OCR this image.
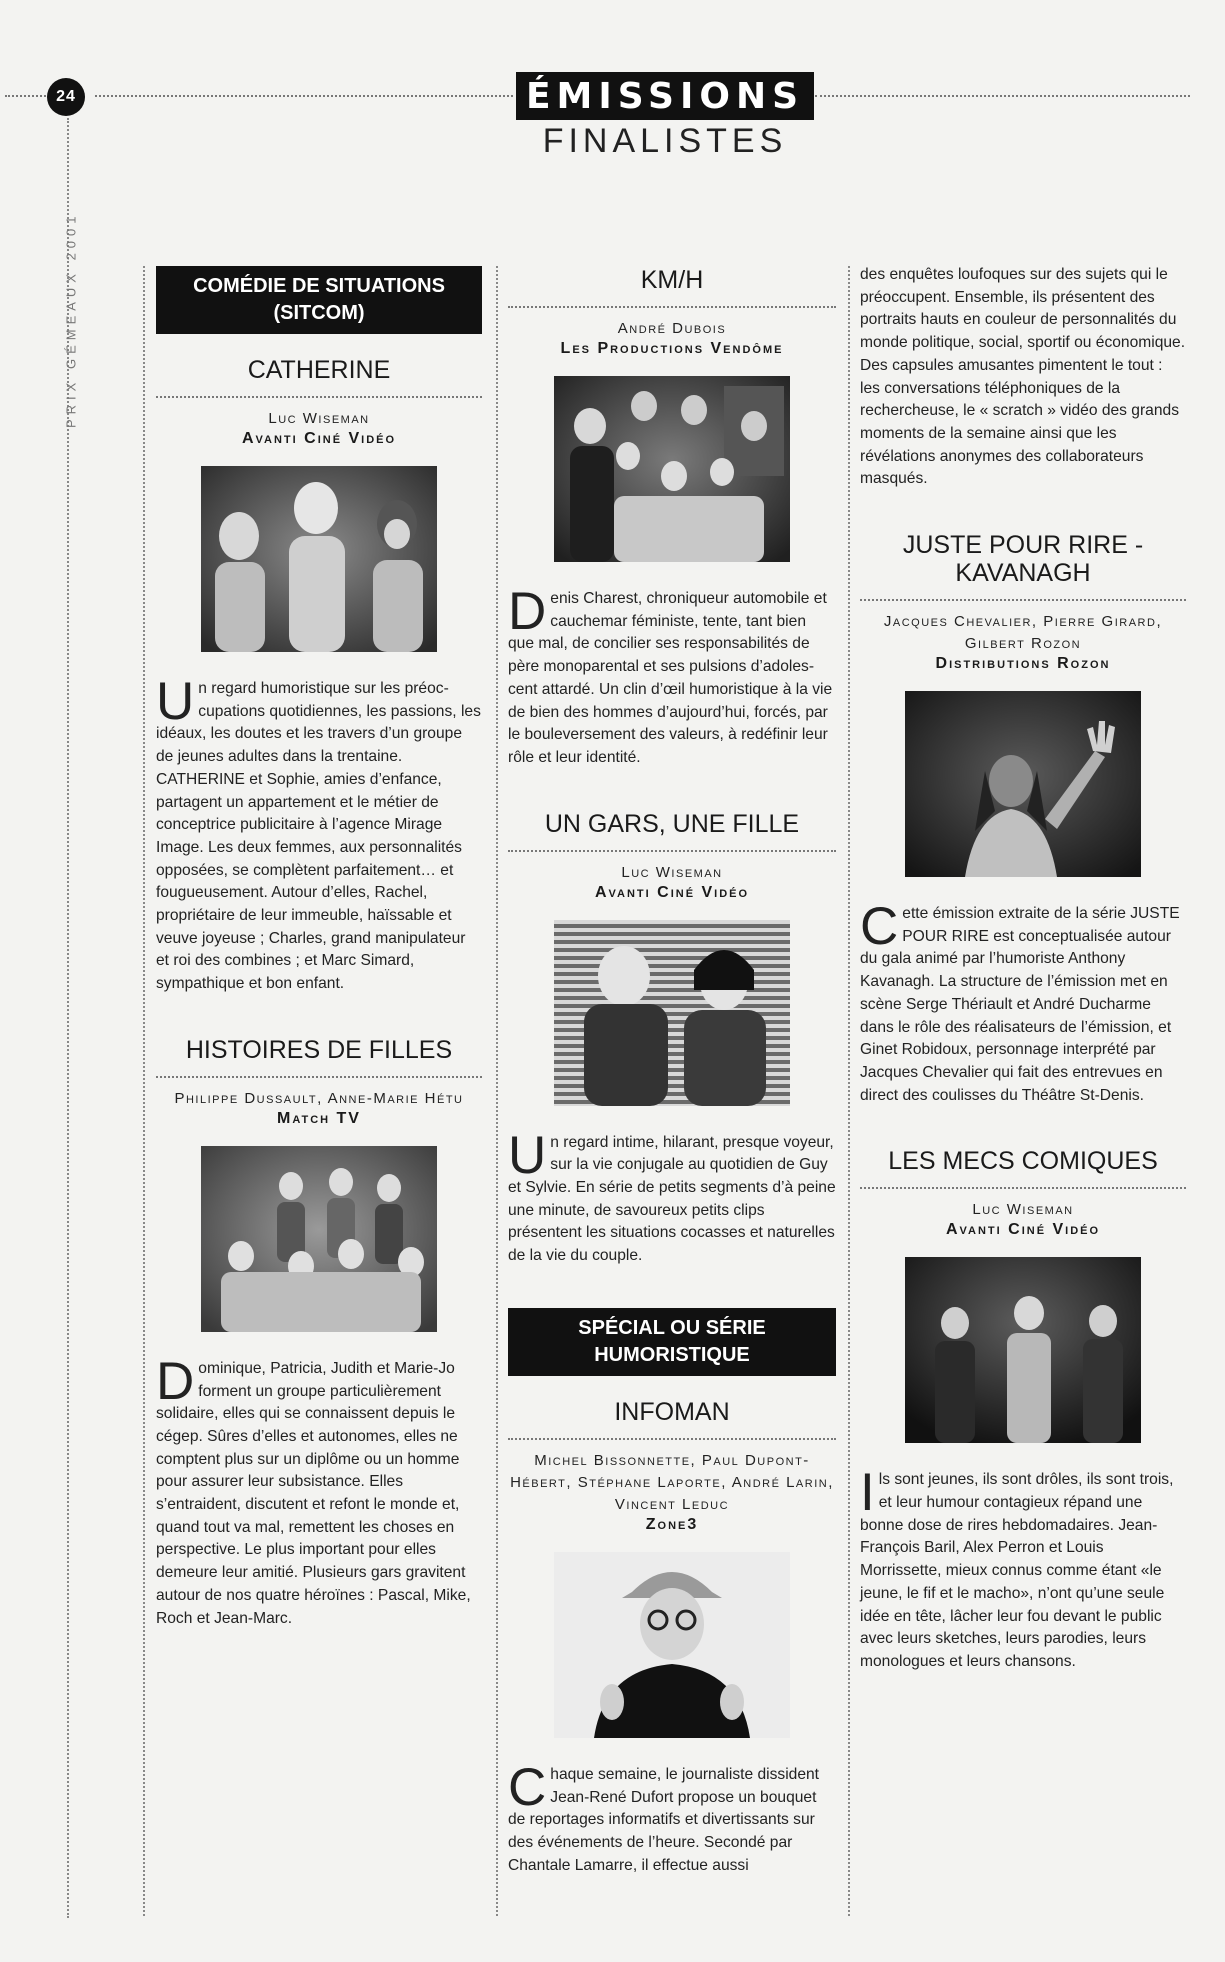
24
PRIX GÉMEAUX 2001
ÉMISSIONS
FINALISTES
COMÉDIE DE SITUATIONS (SITCOM)
CATHERINE
Luc Wiseman
Avanti Ciné Vidéo

Un regard humoristique sur les préoccupations quotidiennes, les passions, les idéaux, les doutes et les travers d’un groupe de jeunes adultes dans la trentaine. CATHERINE et Sophie, amies d’enfance, partagent un appartement et le métier de conceptrice publicitaire à l’agence Mirage Image. Les deux femmes, aux personnalités opposées, se complètent parfaitement… et fougueusement. Autour d’elles, Rachel, propriétaire de leur immeuble, haïssable et veuve joyeuse ; Charles, grand manipulateur et roi des combines ; et Marc Simard, sympathique et bon enfant.

HISTOIRES DE FILLES
Philippe Dussault, Anne-Marie Hétu
Match TV

Dominique, Patricia, Judith et Marie-Jo forment un groupe particulièrement solidaire, elles qui se connaissent depuis le cégep. Sûres d’elles et autonomes, elles ne comptent plus sur un diplôme ou un homme pour assurer leur subsistance. Elles s’entraident, discutent et refont le monde et, quand tout va mal, remettent les choses en perspective. Le plus important pour elles demeure leur amitié. Plusieurs gars gravitent autour de nos quatre héroïnes : Pascal, Mike, Roch et Jean-Marc.

KM/H
André Dubois
Les Productions Vendôme

Denis Charest, chroniqueur automobile et cauchemar féministe, tente, tant bien que mal, de concilier ses responsabilités de père monoparental et ses pulsions d’adolescent attardé. Un clin d’œil humoristique à la vie de bien des hommes d’aujourd’hui, forcés, par le bouleversement des valeurs, à redéfinir leur rôle et leur identité.

UN GARS, UNE FILLE
Luc Wiseman
Avanti Ciné Vidéo

Un regard intime, hilarant, presque voyeur, sur la vie conjugale au quotidien de Guy et Sylvie. En série de petits segments d’à peine une minute, de savoureux petits clips présentent les situations cocasses et naturelles de la vie du couple.

SPÉCIAL OU SÉRIE HUMORISTIQUE
INFOMAN
Michel Bissonnette, Paul Dupont-Hébert, Stéphane Laporte, André Larin, Vincent Leduc
Zone3

Chaque semaine, le journaliste dissident Jean-René Dufort propose un bouquet de reportages informatifs et divertissants sur des événements de l’heure. Secondé par Chantale Lamarre, il effectue aussi

des enquêtes loufoques sur des sujets qui le préoccupent. Ensemble, ils présentent des portraits hauts en couleur de personnalités du monde politique, social, sportif ou économique. Des capsules amusantes pimentent le tout : les conversations téléphoniques de la rechercheuse, le « scratch » vidéo des grands moments de la semaine ainsi que les révélations anonymes des collaborateurs masqués.

JUSTE POUR RIRE - KAVANAGH
Jacques Chevalier, Pierre Girard, Gilbert Rozon
Distributions Rozon

Cette émission extraite de la série JUSTE POUR RIRE est conceptualisée autour du gala animé par l’humoriste Anthony Kavanagh. La structure de l’émission met en scène Serge Thériault et André Ducharme dans le rôle des réalisateurs de l’émission, et Ginet Robidoux, personnage interprété par Jacques Chevalier qui fait des entrevues en direct des coulisses du Théâtre St-Denis.

LES MECS COMIQUES
Luc Wiseman
Avanti Ciné Vidéo

Ils sont jeunes, ils sont drôles, ils sont trois, et leur humour contagieux répand une bonne dose de rires hebdomadaires. Jean-François Baril, Alex Perron et Louis Morrissette, mieux connus comme étant «le jeune, le fif et le macho», n’ont qu’une seule idée en tête, lâcher leur fou devant le public avec leurs sketches, leurs parodies, leurs monologues et leurs chansons.
